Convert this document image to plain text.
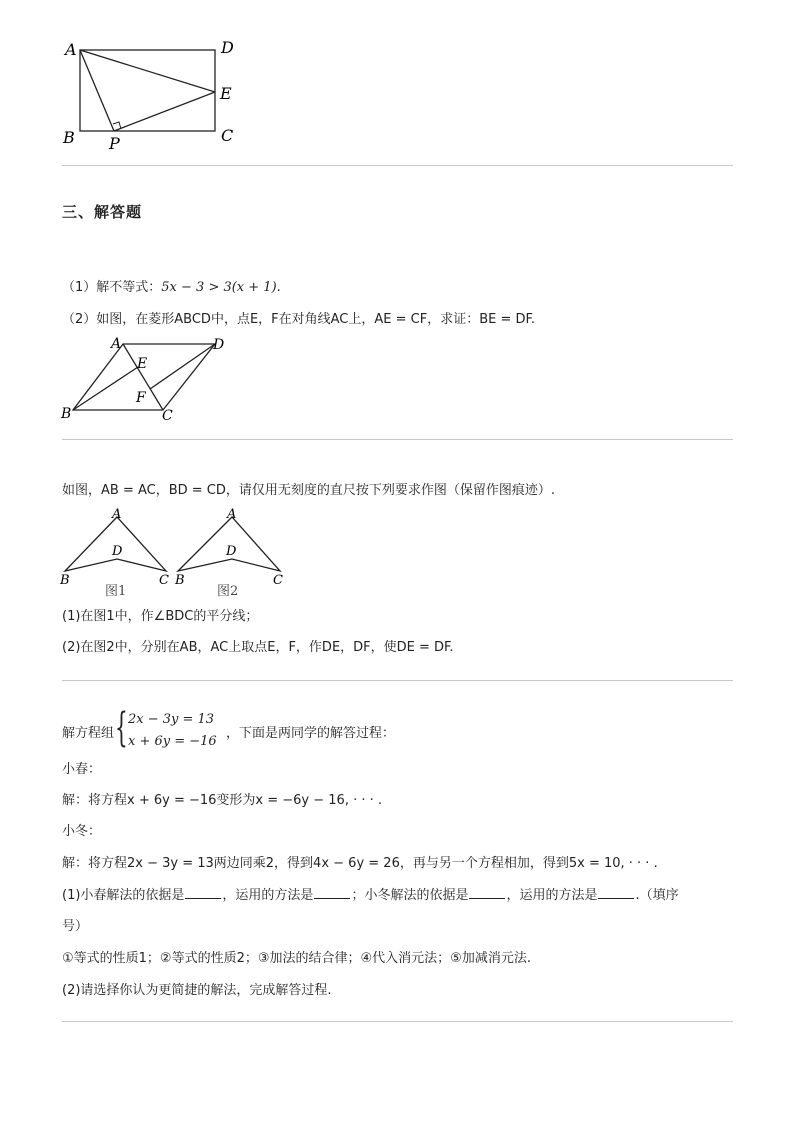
A	D
E
B	C
P
三、解答题
（1）解不等式：5x − 3 > 3(x + 1).
（2）如图，在菱形ABCD中，点E，F在对角线AC上，AE = CF，求证：BE = DF.
A	D
E
F
B	C
如图，AB = AC，BD = CD，请仅用无刻度的直尺按下列要求作图（保留作图痕迹）.
A
D
B	C
图1
A
D
B	C
图2
(1)在图1中，作∠BDC的平分线；
(2)在图2中，分别在AB，AC上取点E，F，作DE，DF，使DE = DF.
解方程组 { 2x − 3y = 13
x + 6y = −16
，下面是两同学的解答过程：
小春：
解：将方程x + 6y = −16变形为x = −6y − 16, · · · .
小冬：
解：将方程2x − 3y = 13两边同乘2，得到4x − 6y = 26，再与另一个方程相加，得到5x = 10, · · · .
(1)小春解法的依据是	，运用的方法是	；小冬解法的依据是	，运用的方法是	.（填序
号）
①等式的性质1；②等式的性质2；③加法的结合律；④代入消元法；⑤加减消元法.
(2)请选择你认为更简捷的解法，完成解答过程.
